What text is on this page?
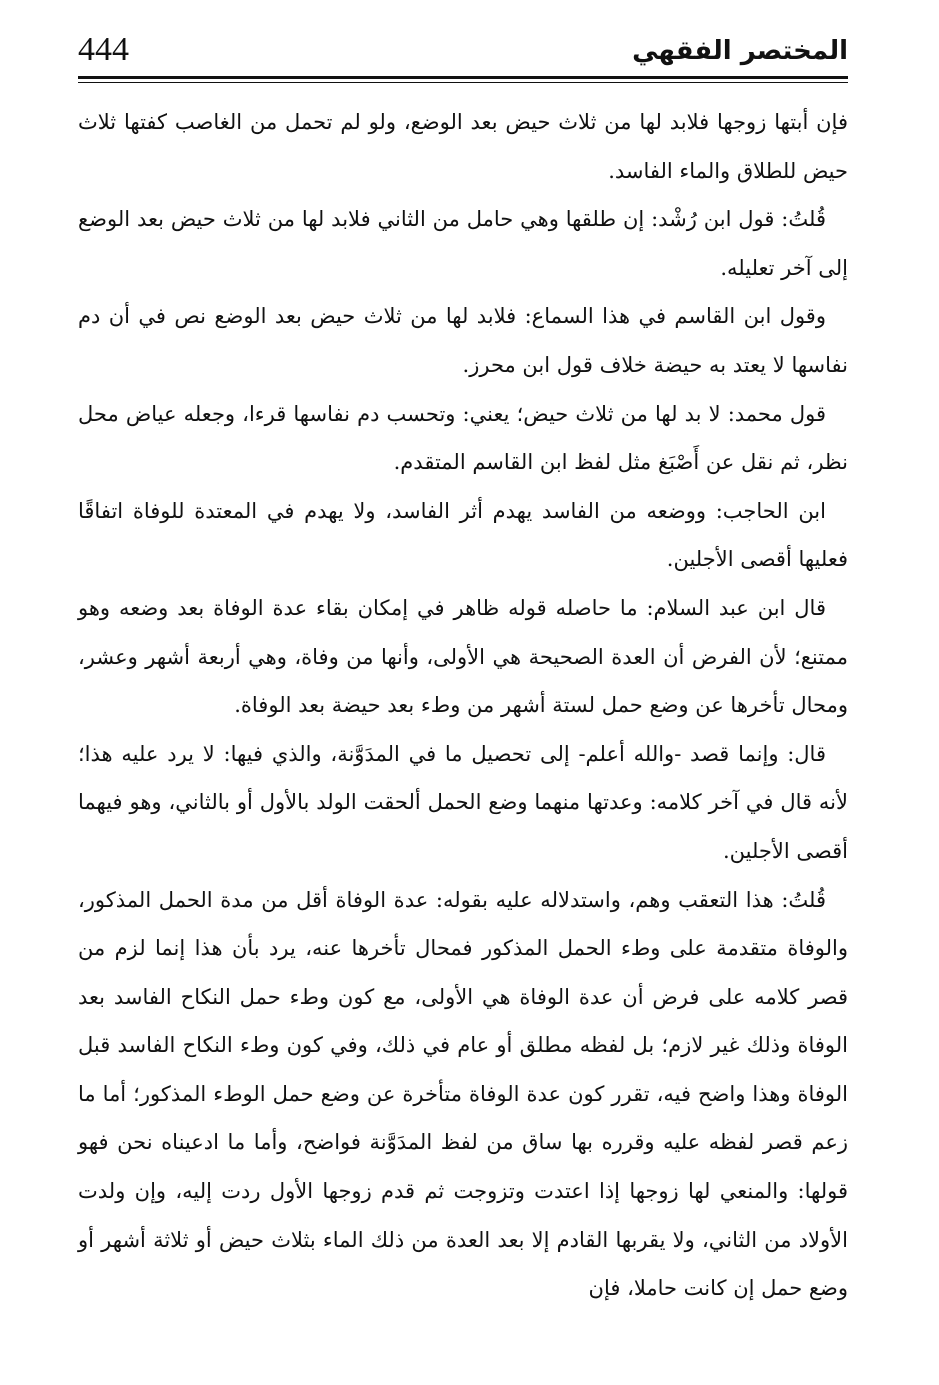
444	المختصر الفقهي

فإن أبتها زوجها فلابد لها من ثلاث حيض بعد الوضع، ولو لم تحمل من الغاصب كفتها ثلاث حيض للطلاق والماء الفاسد.

قُلتُ: قول ابن رُشْد: إن طلقها وهي حامل من الثاني فلابد لها من ثلاث حيض بعد الوضع إلى آخر تعليله.

وقول ابن القاسم في هذا السماع: فلابد لها من ثلاث حيض بعد الوضع نص في أن دم نفاسها لا يعتد به حيضة خلاف قول ابن محرز.

قول محمد: لا بد لها من ثلاث حيض؛ يعني: وتحسب دم نفاسها قرءا، وجعله عياض محل نظر، ثم نقل عن أَصْبَغ مثل لفظ ابن القاسم المتقدم.

ابن الحاجب: ووضعه من الفاسد يهدم أثر الفاسد، ولا يهدم في المعتدة للوفاة اتفاقًا فعليها أقصى الأجلين.

قال ابن عبد السلام: ما حاصله قوله ظاهر في إمكان بقاء عدة الوفاة بعد وضعه وهو ممتنع؛ لأن الفرض أن العدة الصحيحة هي الأولى، وأنها من وفاة، وهي أربعة أشهر وعشر، ومحال تأخرها عن وضع حمل لستة أشهر من وطء بعد حيضة بعد الوفاة.

قال: وإنما قصد -والله أعلم- إلى تحصيل ما في المدَوَّنة، والذي فيها: لا يرد عليه هذا؛ لأنه قال في آخر كلامه: وعدتها منهما وضع الحمل ألحقت الولد بالأول أو بالثاني، وهو فيهما أقصى الأجلين.

قُلتُ: هذا التعقب وهم، واستدلاله عليه بقوله: عدة الوفاة أقل من مدة الحمل المذكور، والوفاة متقدمة على وطء الحمل المذكور فمحال تأخرها عنه، يرد بأن هذا إنما لزم من قصر كلامه على فرض أن عدة الوفاة هي الأولى، مع كون وطء حمل النكاح الفاسد بعد الوفاة وذلك غير لازم؛ بل لفظه مطلق أو عام في ذلك، وفي كون وطء النكاح الفاسد قبل الوفاة وهذا واضح فيه، تقرر كون عدة الوفاة متأخرة عن وضع حمل الوطء المذكور؛ أما ما زعم قصر لفظه عليه وقرره بها ساق من لفظ المدَوَّنة فواضح، وأما ما ادعيناه نحن فهو قولها: والمنعي لها زوجها إذا اعتدت وتزوجت ثم قدم زوجها الأول ردت إليه، وإن ولدت الأولاد من الثاني، ولا يقربها القادم إلا بعد العدة من ذلك الماء بثلاث حيض أو ثلاثة أشهر أو وضع حمل إن كانت حاملا، فإن
